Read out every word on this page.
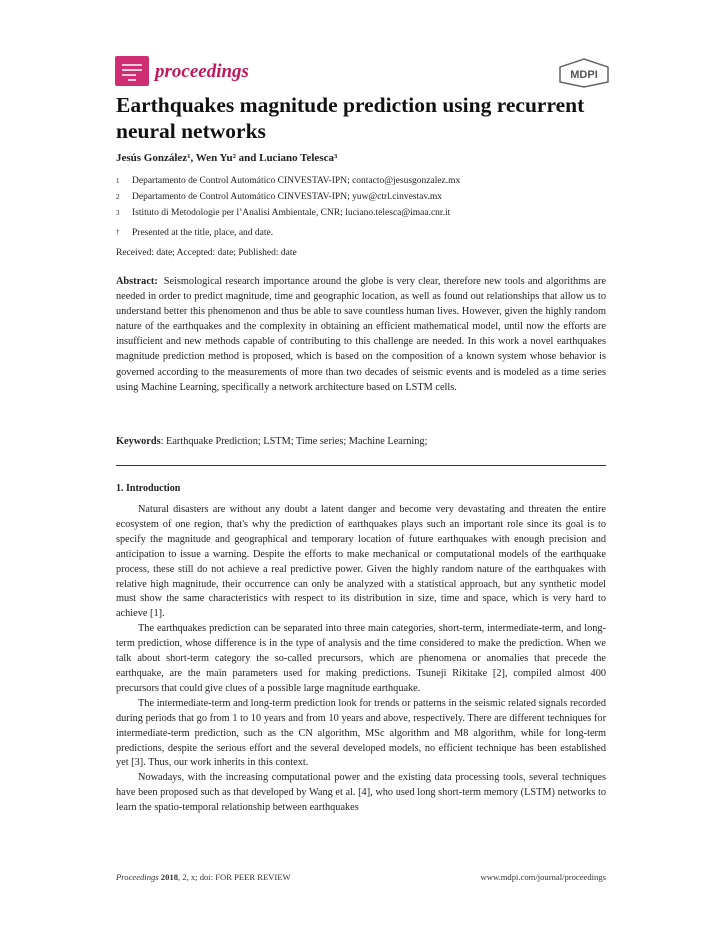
proceedings	MDPI
Earthquakes magnitude prediction using recurrent neural networks
Jesús González¹, Wen Yu² and Luciano Telesca³
1 Departamento de Control Automático CINVESTAV-IPN; contacto@jesusgonzalez.mx
2 Departamento de Control Automático CINVESTAV-IPN; yuw@ctrl.cinvestav.mx
3 Istituto di Metodologie per l’Analisi Ambientale, CNR; luciano.telesca@imaa.cnr.it
† Presented at the title, place, and date.
Received: date; Accepted: date; Published: date
Abstract: Seismological research importance around the globe is very clear, therefore new tools and algorithms are needed in order to predict magnitude, time and geographic location, as well as found out relationships that allow us to understand better this phenomenon and thus be able to save countless human lives. However, given the highly random nature of the earthquakes and the complexity in obtaining an efficient mathematical model, until now the efforts are insufficient and new methods capable of contributing to this challenge are needed. In this work a novel earthquakes magnitude prediction method is proposed, which is based on the composition of a known system whose behavior is governed according to the measurements of more than two decades of seismic events and is modeled as a time series using Machine Learning, specifically a network architecture based on LSTM cells.
Keywords: Earthquake Prediction; LSTM; Time series; Machine Learning;
1. Introduction

Natural disasters are without any doubt a latent danger and become very devastating and threaten the entire ecosystem of one region, that's why the prediction of earthquakes plays such an important role since its goal is to specify the magnitude and geographical and temporary location of future earthquakes with enough precision and anticipation to issue a warning. Despite the efforts to make mechanical or computational models of the earthquake process, these still do not achieve a real predictive power. Given the highly random nature of the earthquakes with relative high magnitude, their occurrence can only be analyzed with a statistical approach, but any synthetic model must show the same characteristics with respect to its distribution in size, time and space, which is very hard to achieve [1].

The earthquakes prediction can be separated into three main categories, short-term, intermediate-term, and long-term prediction, whose difference is in the type of analysis and the time considered to make the prediction. When we talk about short-term category the so-called precursors, which are phenomena or anomalies that precede the earthquake, are the main parameters used for making predictions. Tsuneji Rikitake [2], compiled almost 400 precursors that could give clues of a possible large magnitude earthquake.

The intermediate-term and long-term prediction look for trends or patterns in the seismic related signals recorded during periods that go from 1 to 10 years and from 10 years and above, respectively. There are different techniques for intermediate-term prediction, such as the CN algorithm, MSc algorithm and M8 algorithm, while for long-term predictions, despite the serious effort and the several developed models, no efficient technique has been established yet [3]. Thus, our work inherits in this context.

Nowadays, with the increasing computational power and the existing data processing tools, several techniques have been proposed such as that developed by Wang et al. [4], who used long short-term memory (LSTM) networks to learn the spatio-temporal relationship between earthquakes

Proceedings 2018, 2, x; doi: FOR PEER REVIEW	www.mdpi.com/journal/proceedings
